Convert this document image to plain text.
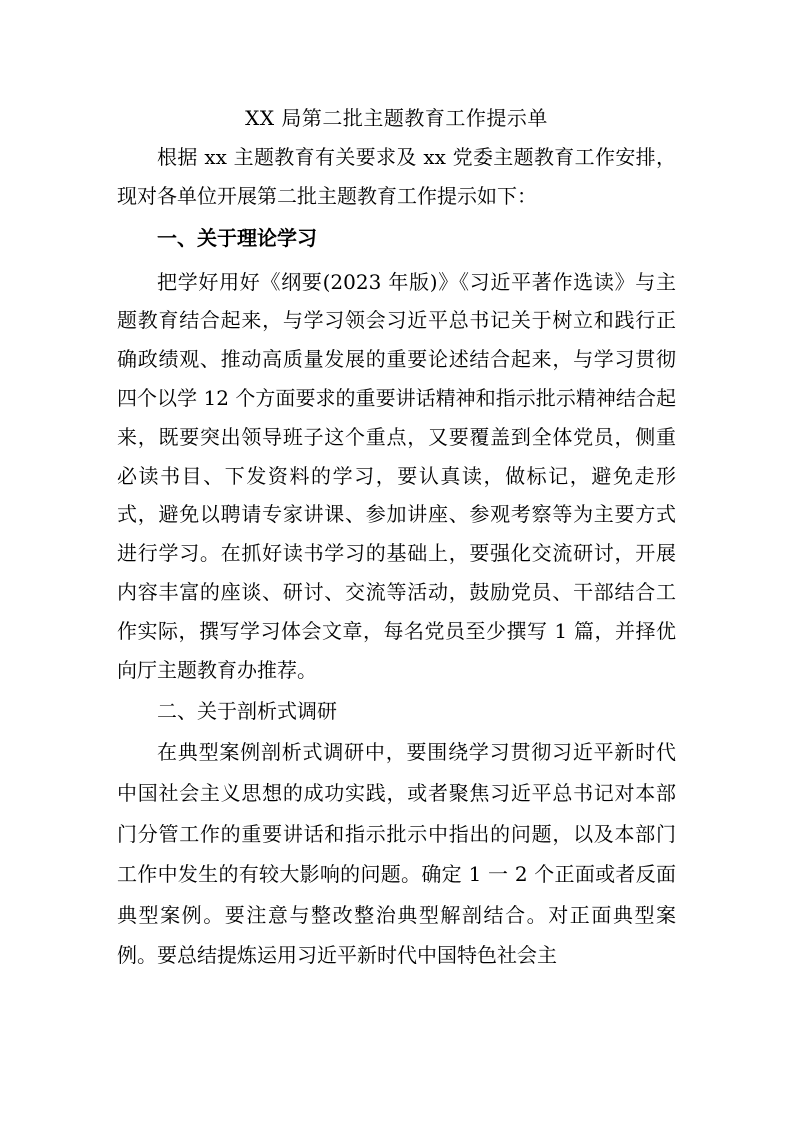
XX 局第二批主题教育工作提示单

根据 xx 主题教育有关要求及 xx 党委主题教育工作安排，现对各单位开展第二批主题教育工作提示如下：

一、关于理论学习

把学好用好《纲要(2023 年版)》《习近平著作选读》与主题教育结合起来，与学习领会习近平总书记关于树立和践行正确政绩观、推动高质量发展的重要论述结合起来，与学习贯彻四个以学 12 个方面要求的重要讲话精神和指示批示精神结合起来，既要突出领导班子这个重点，又要覆盖到全体党员，侧重必读书目、下发资料的学习，要认真读，做标记，避免走形式，避免以聘请专家讲课、参加讲座、参观考察等为主要方式进行学习。在抓好读书学习的基础上，要强化交流研讨，开展内容丰富的座谈、研讨、交流等活动，鼓励党员、干部结合工作实际，撰写学习体会文章，每名党员至少撰写 1 篇，并择优向厅主题教育办推荐。

二、关于剖析式调研

在典型案例剖析式调研中，要围绕学习贯彻习近平新时代中国社会主义思想的成功实践，或者聚焦习近平总书记对本部门分管工作的重要讲话和指示批示中指出的问题，以及本部门工作中发生的有较大影响的问题。确定 1 一 2 个正面或者反面典型案例。要注意与整改整治典型解剖结合。对正面典型案例。要总结提炼运用习近平新时代中国特色社会主
